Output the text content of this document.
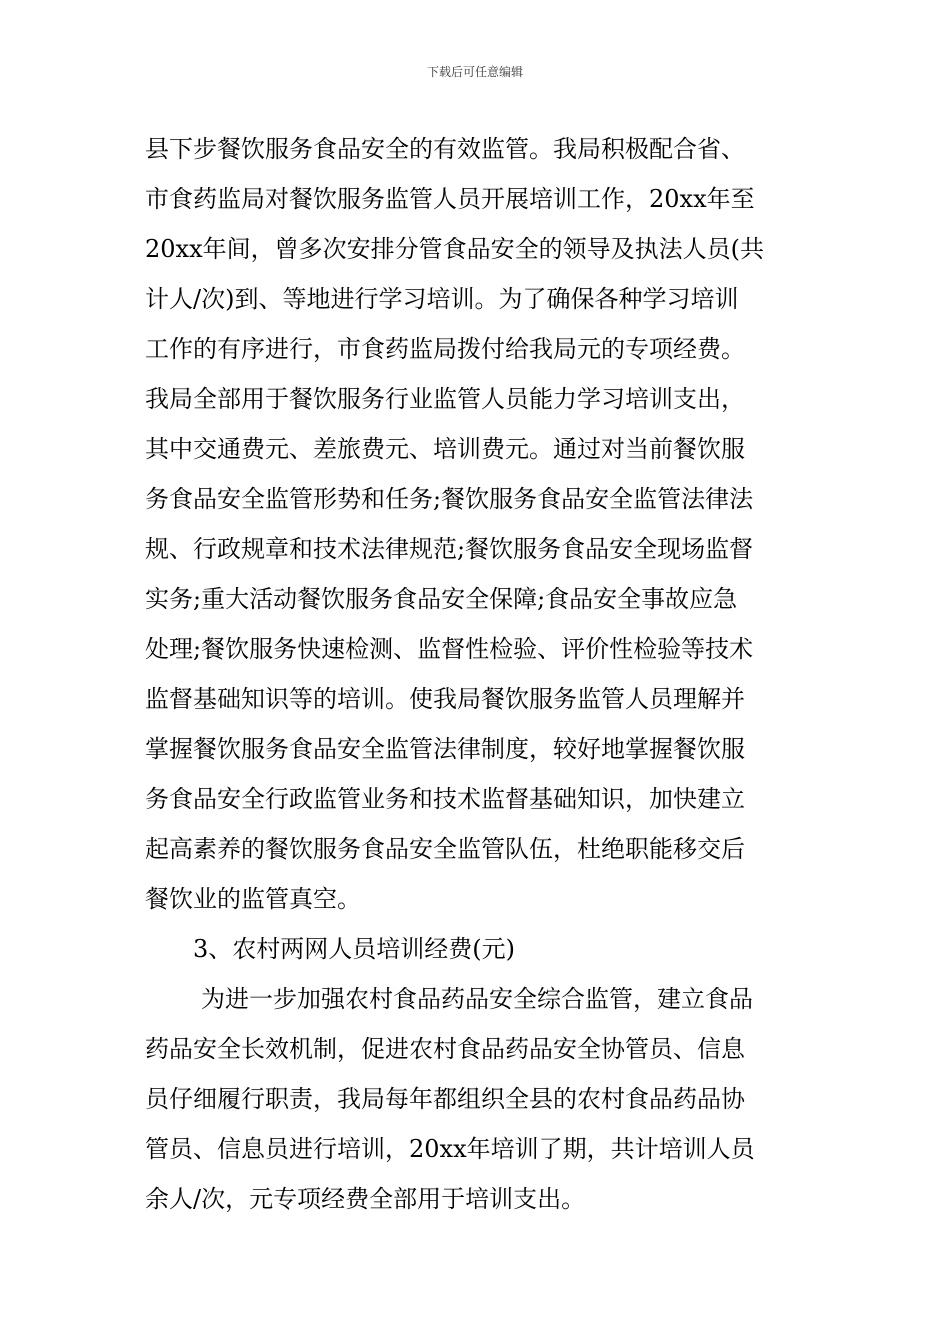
下载后可任意编辑
县下步餐饮服务食品安全的有效监管。我局积极配合省、
市食药监局对餐饮服务监管人员开展培训工作，20xx年至
20xx年间，曾多次安排分管食品安全的领导及执法人员(共
计人/次)到、等地进行学习培训。为了确保各种学习培训
工作的有序进行，市食药监局拨付给我局元的专项经费。
我局全部用于餐饮服务行业监管人员能力学习培训支出，
其中交通费元、差旅费元、培训费元。通过对当前餐饮服
务食品安全监管形势和任务;餐饮服务食品安全监管法律法
规、行政规章和技术法律规范;餐饮服务食品安全现场监督
实务;重大活动餐饮服务食品安全保障;食品安全事故应急
处理;餐饮服务快速检测、监督性检验、评价性检验等技术
监督基础知识等的培训。使我局餐饮服务监管人员理解并
掌握餐饮服务食品安全监管法律制度，较好地掌握餐饮服
务食品安全行政监管业务和技术监督基础知识，加快建立
起高素养的餐饮服务食品安全监管队伍，杜绝职能移交后
餐饮业的监管真空。
3、农村两网人员培训经费(元)
为进一步加强农村食品药品安全综合监管，建立食品
药品安全长效机制，促进农村食品药品安全协管员、信息
员仔细履行职责，我局每年都组织全县的农村食品药品协
管员、信息员进行培训，20xx年培训了期，共计培训人员
余人/次，元专项经费全部用于培训支出。
